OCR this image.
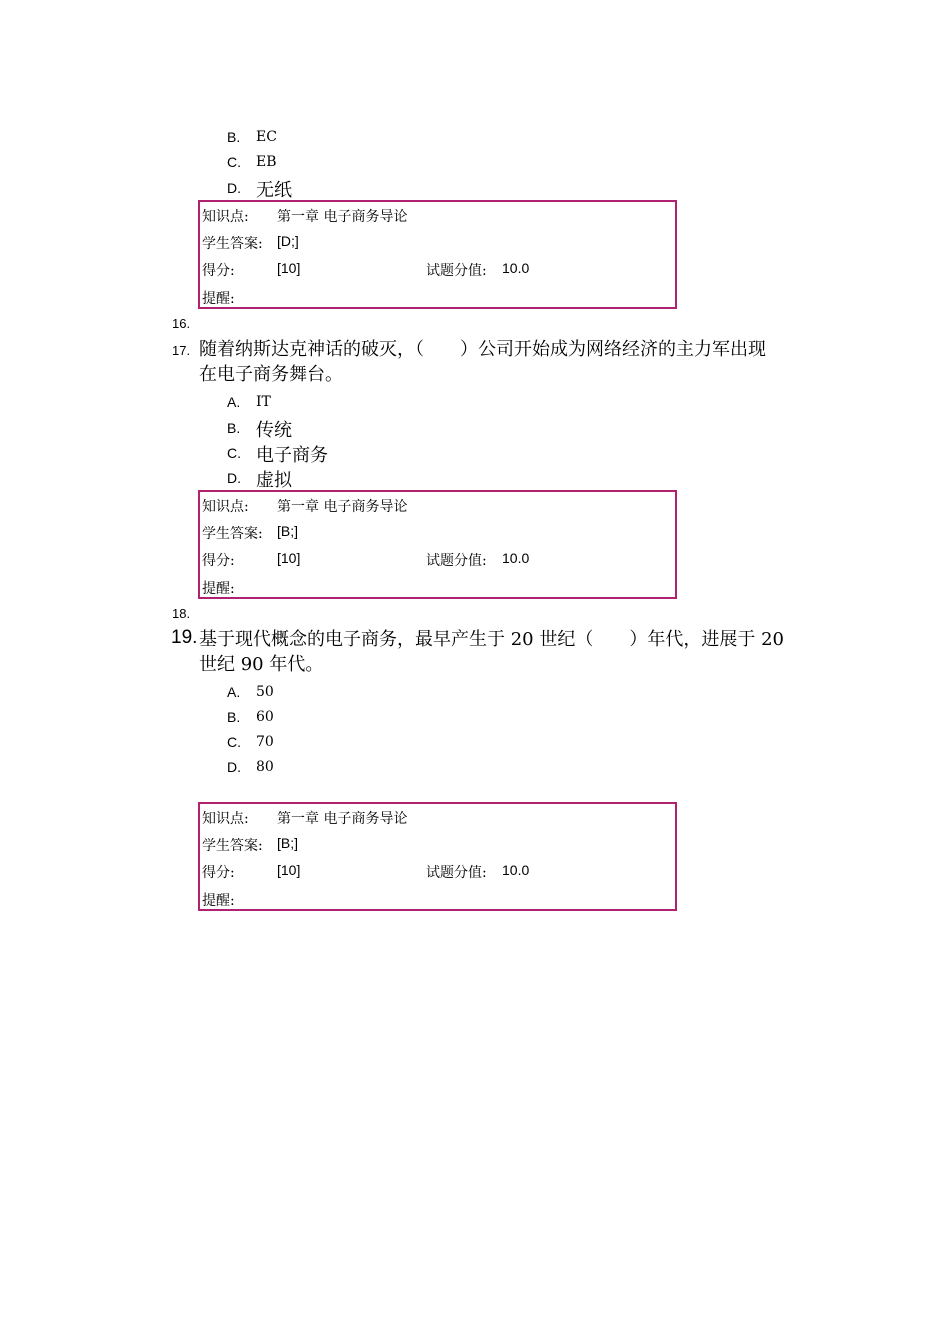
B. EC
C. EB
D. 无纸
知识点: 第一章 电子商务导论
学生答案: [D;]
得分:	[10]	试题分值: 10.0
提醒:
16.
17. 随着纳斯达克神话的破灭，（　　）公司开始成为网络经济的主力军出现
在电子商务舞台。
A. IT
B. 传统
C. 电子商务
D. 虚拟
知识点: 第一章 电子商务导论
学生答案: [B;]
得分:	[10]	试题分值: 10.0
提醒:
18.
19. 基于现代概念的电子商务，最早产生于 20 世纪（　　）年代，进展于 20
世纪 90 年代。
A. 50
B. 60
C. 70
D. 80
知识点: 第一章 电子商务导论
学生答案: [B;]
得分:	[10]	试题分值: 10.0
提醒:
